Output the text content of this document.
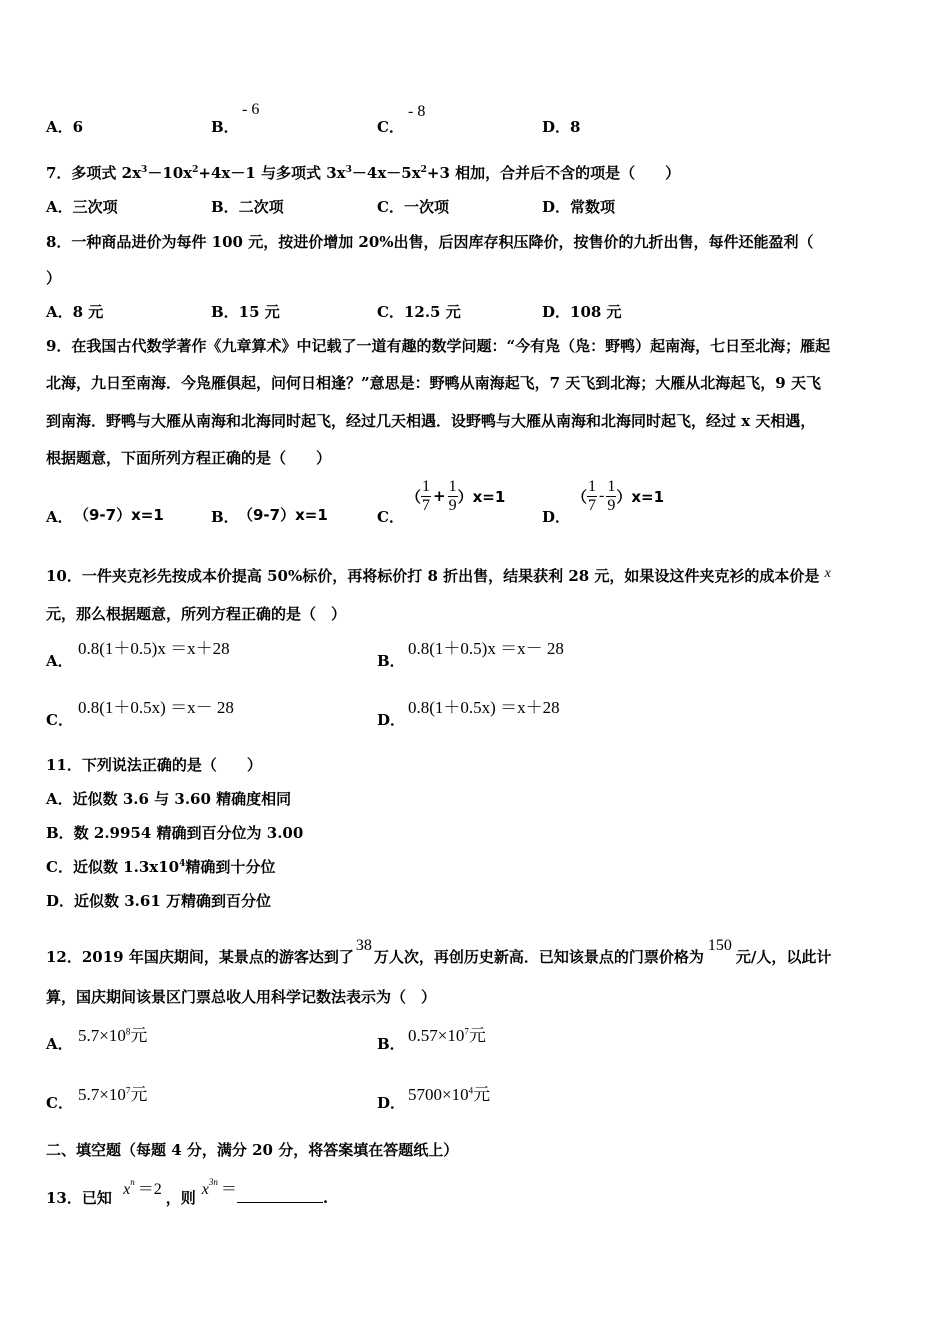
A．6	B．
- 6
C．
- 8
D．8
7．多项式 $2x^3-10x^2+4x-1$ 与多项式 $3x^3-4x-5x^2+3$ 相加，合并后不含的项是（　　）
A．三次项	B．二次项	C．一次项	D．常数项
8．一种商品进价为每件 100 元，按进价增加 20%出售，后因库存积压降价，按售价的九折出售，每件还能盈利（
）
A．8 元	B．15 元	C．12.5 元	D．108 元
9．在我国古代数学著作《九章算术》中记载了一道有趣的数学问题：“今有凫（凫：野鸭）起南海，七日至北海；雁起
北海，九日至南海．今凫雁俱起，问何日相逢？”意思是：野鸭从南海起飞，7 天飞到北海；大雁从北海起飞，9 天飞
到南海．野鸭与大雁从南海和北海同时起飞，经过几天相遇．设野鸭与大雁从南海和北海同时起飞，经过 x 天相遇，
根据题意，下面所列方程正确的是（　　）
A． （9-7）x=1	B． （9-7）x=1	C．
（ $\frac{1}{7} + \frac{1}{9} )x=1$
D．
（ $\frac{1}{7} - \frac{1}{9} )x=1$
10．一件夹克衫先按成本价提高 50%标价，再将标价打 8 折出售，结果获利 28 元，如果设这件夹克衫的成本价是 x
元，那么根据题意，所列方程正确的是（　）
A．
0.8(1＋0.5)x ＝x＋28
B．
0.8(1＋0.5)x ＝x－ 28
C．
0.8(1＋0.5x) ＝x－ 28
D．
0.8(1＋0.5x) ＝x＋28
11．下列说法正确的是（　　）
A．近似数 3.6 与 3.60 精确度相同
B．数 2.9954 精确到百分位为 3.00
C．近似数 $1.3x10^4$精确到十分位
D．近似数 3.61 万精确到百分位
12．2019 年国庆期间，某景点的游客达到了38万人次，再创历史新高．已知该景点的门票价格为150元/人，以此计
算，国庆期间该景区门票总收人用科学记数法表示为（　）
A． $5.7\times 10^8$元	B． $0.57\times 10^7$元
C． $5.7\times 10^7$元	D． $5700\times 10^4$元
二、填空题（每题 4 分，满分 20 分，将答案填在答题纸上）
13．已知 $x^n =2$ ，则 $x^{3n}$ ＝	.
